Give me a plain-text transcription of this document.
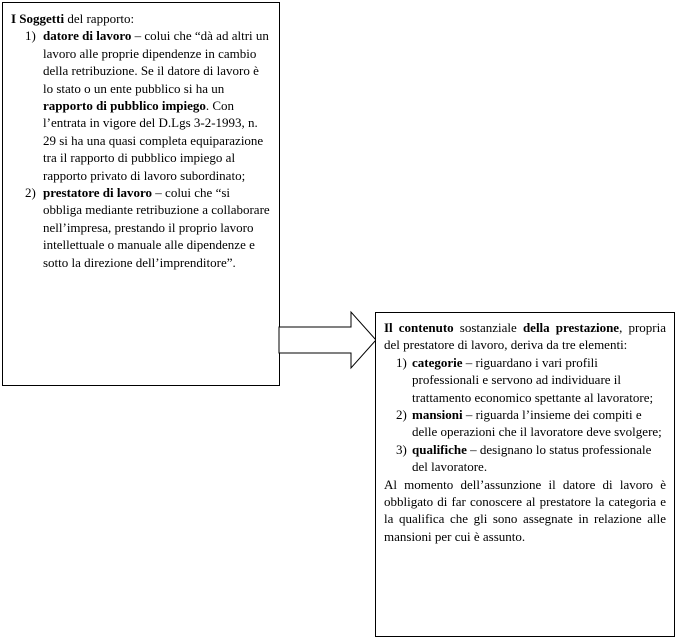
I Soggetti del rapporto:

1) datore di lavoro – colui che “dà ad altri un lavoro alle proprie dipendenze in cambio della retribuzione. Se il datore di lavoro è lo stato o un ente pubblico si ha un rapporto di pubblico impiego. Con l’entrata in vigore del D.Lgs 3-2-1993, n. 29 si ha una quasi completa equiparazione tra il rapporto di pubblico impiego al rapporto privato di lavoro subordinato;
2) prestatore di lavoro – colui che “si obbliga mediante retribuzione a collaborare nell’impresa, prestando il proprio lavoro intellettuale o manuale alle dipendenze e sotto la direzione dell’imprenditore”.

Il contenuto sostanziale della prestazione, propria del prestatore di lavoro, deriva da tre elementi:

1) categorie – riguardano i vari profili professionali e servono ad individuare il trattamento economico spettante al lavoratore;
2) mansioni – riguarda l’insieme dei compiti e delle operazioni che il lavoratore deve svolgere;
3) qualifiche – designano lo status professionale del lavoratore.

Al momento dell’assunzione il datore di lavoro è obbligato di far conoscere al prestatore la categoria e la qualifica che gli sono assegnate in relazione alle mansioni per cui è assunto.
